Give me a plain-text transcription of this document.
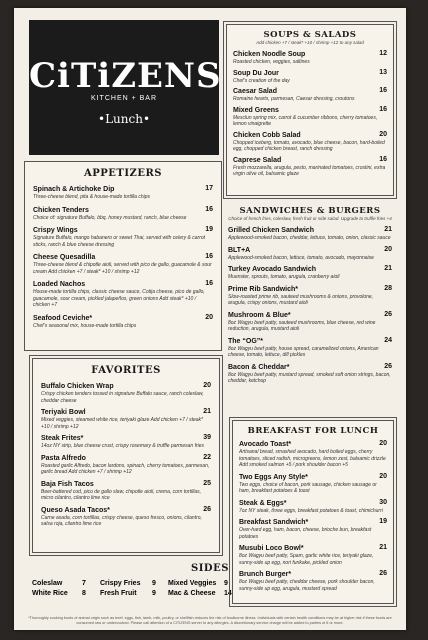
CiTiZENS
KITCHEN + BAR
•Lunch•
APPETIZERS
Spinach & Artichoke Dip	17
Three-cheese blend, pita & house-made tortilla chips
Chicken Tenders	16
Choice of: signature Buffalo, bbq, honey mustard, ranch, blue cheese
Crispy Wings	19
Signature Buffalo, mango habanero or sweet Thai, served with celery & carrot sticks, ranch & blue cheese dressing
Cheese Quesadilla	16
Three-cheese blend & chipotle aioli, served with pico de gallo, guacamole & sour cream Add chicken +7 / steak* +10 / shrimp +12
Loaded Nachos	16
House-made tortilla chips, classic cheese sauce, Cotija cheese, pico de gallo, guacamole, sour cream, pickled jalapeños, green onions Add steak* +10 / chicken +7
Seafood Ceviche*	20
Chef’s seasonal mix, house-made tortilla chips
FAVORITES
Buffalo Chicken Wrap	20
Crispy chicken tenders tossed in signature Buffalo sauce, ranch coleslaw, cheddar cheese
Teriyaki Bowl	21
Mixed veggies, steamed white rice, teriyaki glaze Add chicken +7 / steak* +10 / shrimp +12
Steak Frites*	39
14oz NY strip, blue cheese crust, crispy rosemary & truffle parmesan fries
Pasta Alfredo	22
Roasted garlic Alfredo, bacon lardons, spinach, cherry tomatoes, parmesan, garlic bread Add chicken +7 / shrimp +12
Baja Fish Tacos	25
Beer-battered cod, pico de gallo slaw, chipotle aioli, crema, corn tortillas, micro cilantro, cilantro lime rice
Queso Asada Tacos*	26
Carne asada, corn tortillas, crispy cheese, queso fresco, onions, cilantro, salsa roja, cilantro lime rice
SIDES
Coleslaw	7	Crispy Fries	9	Mixed Veggies	9
White Rice	8	Fresh Fruit	9	Mac & Cheese	14
SOUPS & SALADS
Add chicken +7 / steak* +10 / shrimp +12 to any salad
Chicken Noodle Soup	12
Roasted chicken, veggies, saltines
Soup Du Jour	13
Chef’s creation of the day
Caesar Salad	16
Romaine hearts, parmesan, Caesar dressing, croutons
Mixed Greens	16
Mesclun spring mix, carrot & cucumber ribbons, cherry tomatoes, lemon vinaigrette
Chicken Cobb Salad	20
Chopped iceberg, tomato, avocado, blue cheese, bacon, hard-boiled egg, chopped chicken breast, ranch dressing
Caprese Salad	16
Fresh mozzarella, arugula, pesto, marinated tomatoes, crostini, extra virgin olive oil, balsamic glaze
SANDWICHES & BURGERS
Choice of french fries, coleslaw, fresh fruit or side salad. Upgrade to truffle fries +4
Grilled Chicken Sandwich	21
Applewood-smoked bacon, cheddar, lettuce, tomato, onion, classic sauce
BLT+A	20
Applewood-smoked bacon, lettuce, tomato, avocado, mayonnaise
Turkey Avocado Sandwich	21
Muenster, sprouts, tomato, arugula, cranberry aioli
Prime Rib Sandwich*	28
Slow-roasted prime rib, sauteed mushrooms & onions, provolone, arugula, crispy onions, mustard aioli
Mushroom & Blue*	26
8oz Wagyu beef patty, sauteed mushrooms, blue cheese, red wine reduction, arugula, mustard aioli
The “OG”*	24
8oz Wagyu beef patty, house spread, caramelized onions, American cheese, tomato, lettuce, dill pickles
Bacon & Cheddar*	26
8oz Wagyu beef patty, mustard spread, smoked soft onion strings, bacon, cheddar, ketchup
BREAKFAST FOR LUNCH
Avocado Toast*	20
Artisanal bread, smashed avocado, hard boiled eggs, cherry tomatoes, sliced radish, microgreens, lemon zest, balsamic drizzle Add smoked salmon +5 / pork shoulder bacon +5
Two Eggs Any Style*	20
Two eggs, choice of bacon, pork sausage, chicken sausage or ham, breakfast potatoes & toast
Steak & Eggs*	30
7oz NY steak, three eggs, breakfast potatoes & toast, chimichurri
Breakfast Sandwich*	19
Over-hard egg, ham, bacon, cheese, brioche bun, breakfast potatoes
Musubi Loco Bowl*	21
8oz Wagyu beef patty, Spam, garlic white rice, teriyaki glaze, sunny-side up egg, nori furikake, pickled onion
Brunch Burger*	26
8oz Wagyu beef patty, cheddar cheese, pork shoulder bacon, sunny-side up egg, arugula, mustard spread
*Thoroughly cooking foods of animal origin such as beef, eggs, fish, lamb, milk, poultry, or shellfish reduces the risk of foodborne illness. Individuals with certain health conditions may be at higher risk if these foods are consumed raw or undercooked. Please call attention of a CITIZENS server to any allergies. A discretionary service charge will be added to parties of 6 or more.
